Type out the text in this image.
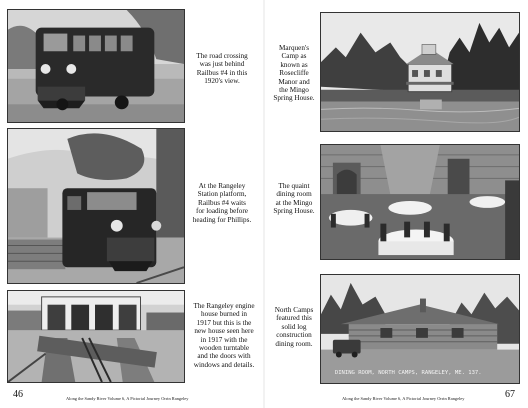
The road crossing
was just behind
Railbus #4 in this
1920's view.
At the Rangeley
Station platform,
Railbus #4 waits
for loading before
heading for Phillips.
The Rangeley engine
house burned in
1917 but this is the
new house seen here
in 1917 with the
wooden turntable
and the doors with
windows and details.
46	Along the Sandy River Volume 6, A Pictorial Journey Orrin Rangeley
Marquen's
Camp as
known as
Rosecliffe
Manor and
the Mingo
Spring House.
The quaint
dining room
at the Mingo
Spring House.
North Camps
featured this
solid log
construction
dining room.
DINING ROOM, NORTH CAMPS, RANGELEY, ME. 137.
67
Along the Sandy River Volume 6, A Pictorial Journey Orrin Rangeley
